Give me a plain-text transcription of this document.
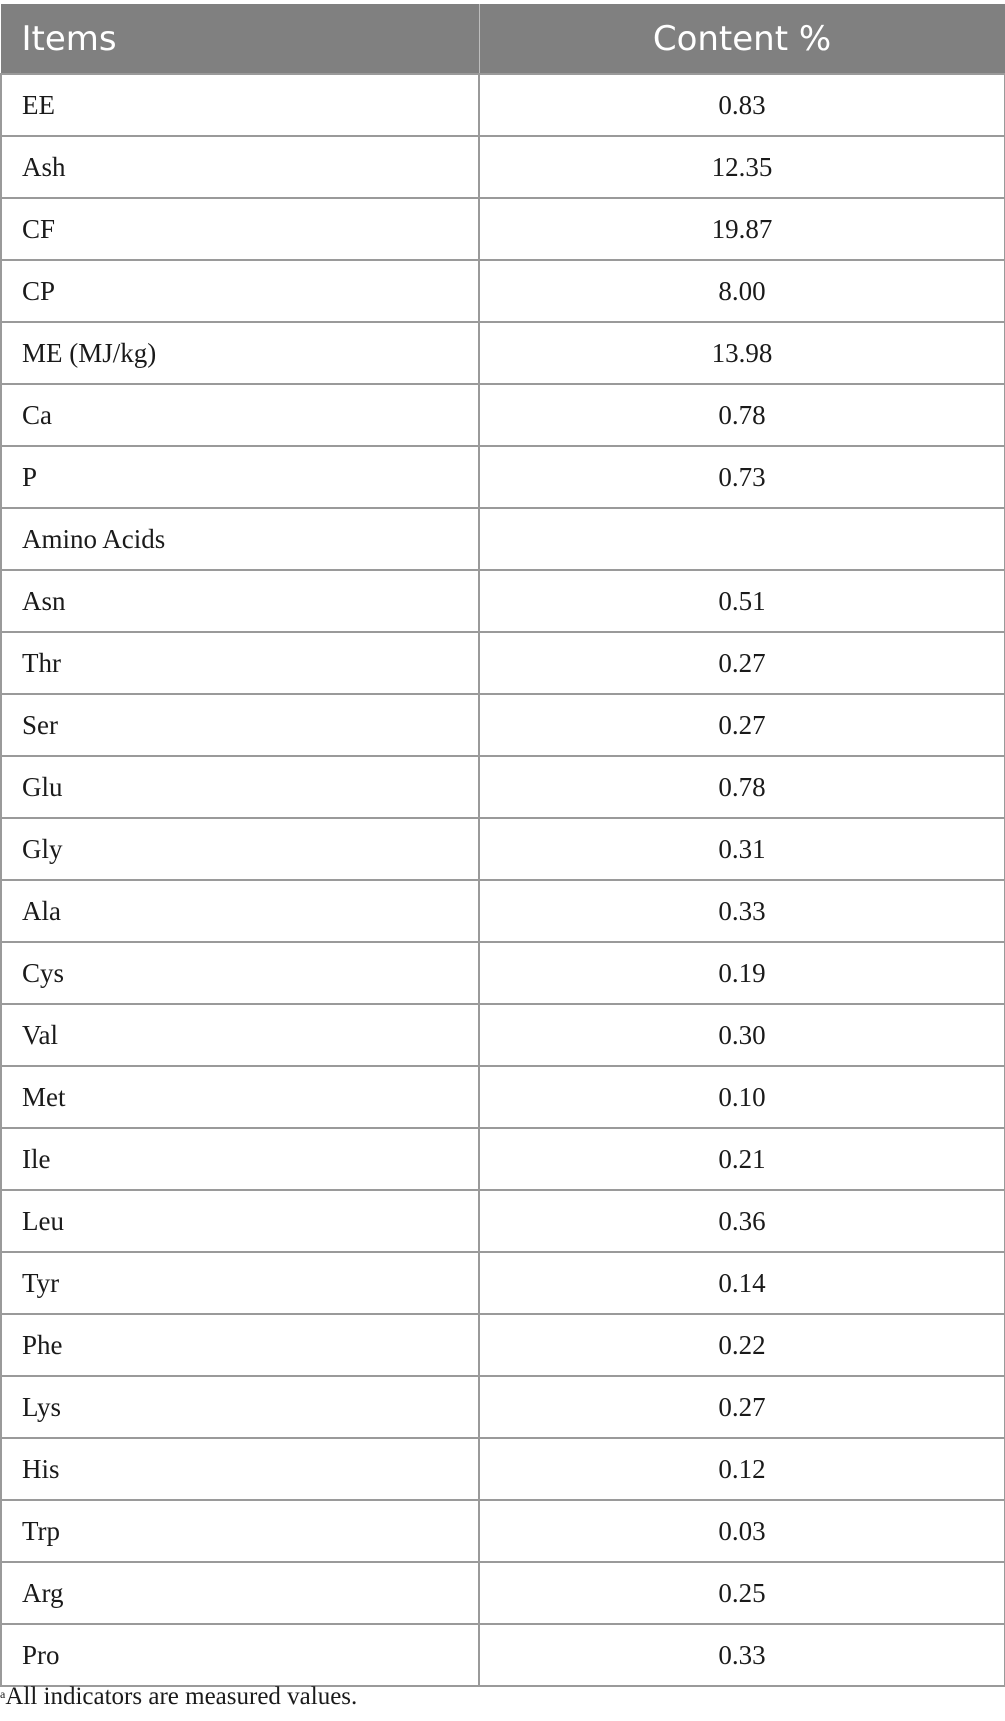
Items	Content %
EE	0.83
Ash	12.35
CF	19.87
CP	8.00
ME (MJ/kg)	13.98
Ca	0.78
P	0.73
Amino Acids	
Asn	0.51
Thr	0.27
Ser	0.27
Glu	0.78
Gly	0.31
Ala	0.33
Cys	0.19
Val	0.30
Met	0.10
Ile	0.21
Leu	0.36
Tyr	0.14
Phe	0.22
Lys	0.27
His	0.12
Trp	0.03
Arg	0.25
Pro	0.33
$^a$All indicators are measured values.
